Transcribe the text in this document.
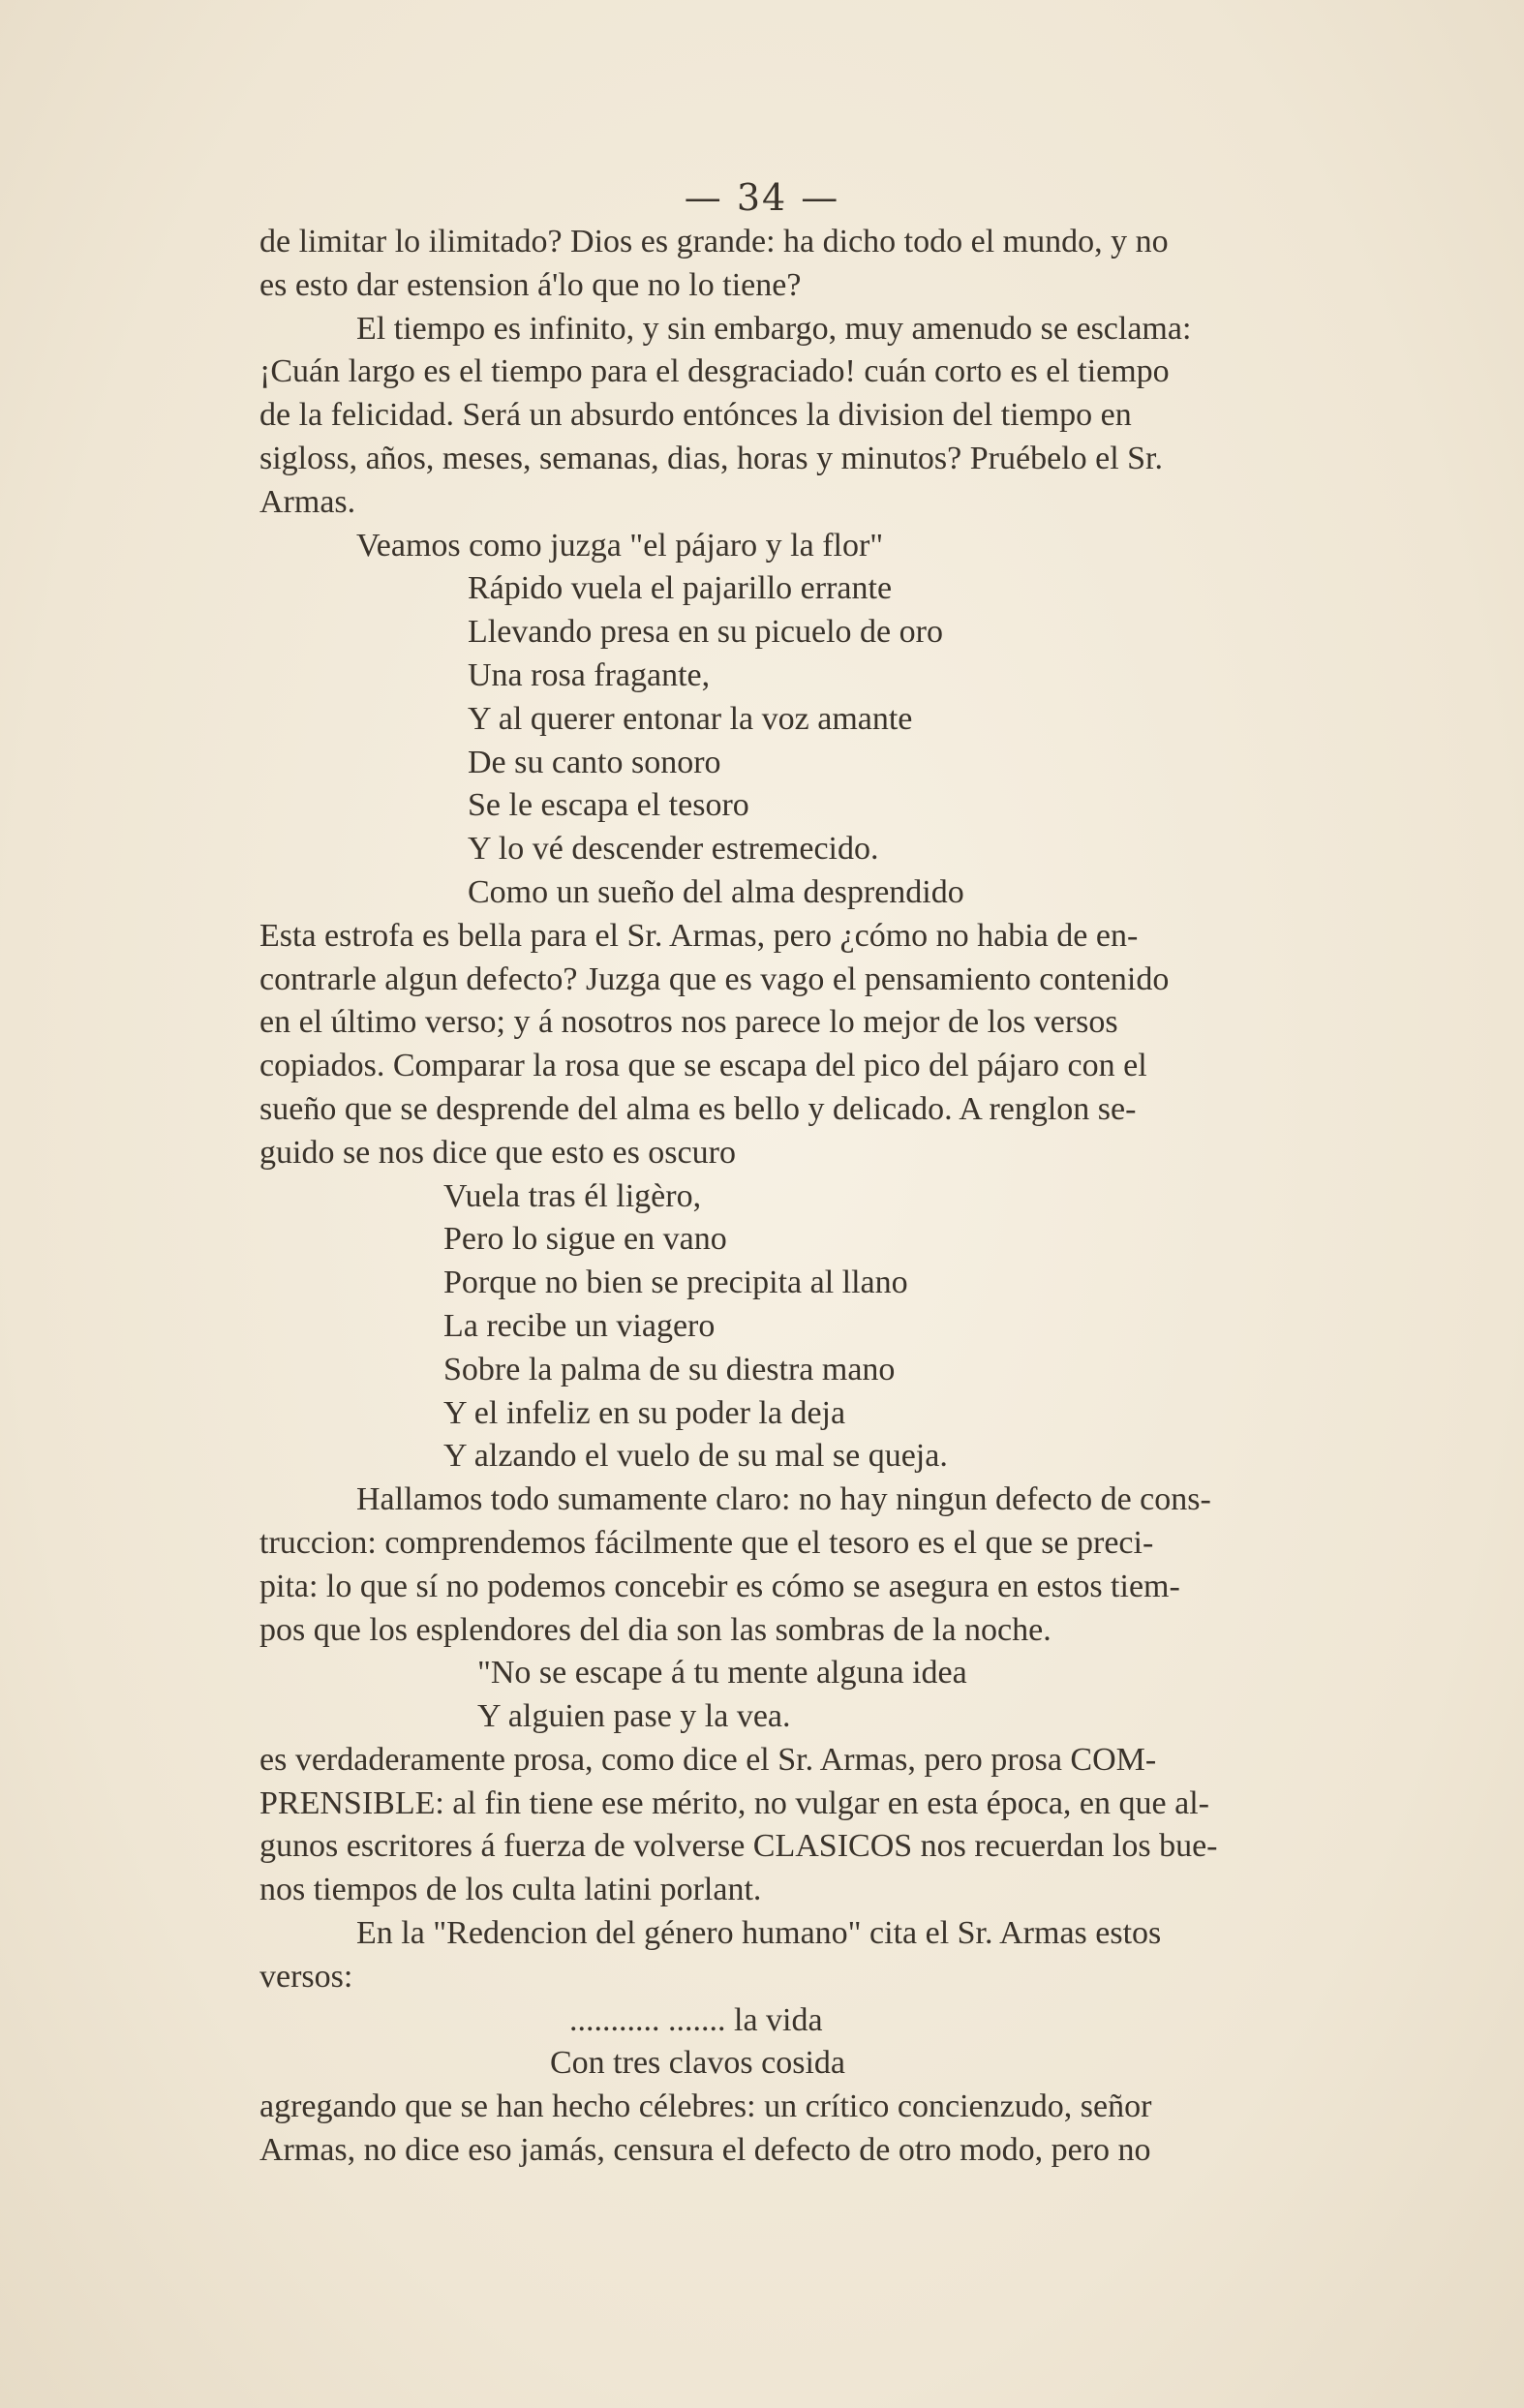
— 34 —
de limitar lo ilimitado? Dios es grande: ha dicho todo el mundo, y no
es esto dar estension á'lo que no lo tiene?
El tiempo es infinito, y sin embargo, muy amenudo se esclama:
¡Cuán largo es el tiempo para el desgraciado! cuán corto es el tiempo
de la felicidad. Será un absurdo entónces la division del tiempo en
sigloss, años, meses, semanas, dias, horas y minutos? Pruébelo el Sr.
Armas.
Veamos como juzga "el pájaro y la flor"
Rápido vuela el pajarillo errante
Llevando presa en su picuelo de oro
Una rosa fragante,
Y al querer entonar la voz amante
De su canto sonoro
Se le escapa el tesoro
Y lo vé descender estremecido.
Como un sueño del alma desprendido
Esta estrofa es bella para el Sr. Armas, pero ¿cómo no habia de en-
contrarle algun defecto? Juzga que es vago el pensamiento contenido
en el último verso; y á nosotros nos parece lo mejor de los versos
copiados. Comparar la rosa que se escapa del pico del pájaro con el
sueño que se desprende del alma es bello y delicado. A renglon se-
guido se nos dice que esto es oscuro
Vuela tras él ligèro,
Pero lo sigue en vano
Porque no bien se precipita al llano
La recibe un viagero
Sobre la palma de su diestra mano
Y el infeliz en su poder la deja
Y alzando el vuelo de su mal se queja.
Hallamos todo sumamente claro: no hay ningun defecto de cons-
truccion: comprendemos fácilmente que el tesoro es el que se preci-
pita: lo que sí no podemos concebir es cómo se asegura en estos tiem-
pos que los esplendores del dia son las sombras de la noche.
"No se escape á tu mente alguna idea
Y alguien pase y la vea.
es verdaderamente prosa, como dice el Sr. Armas, pero prosa COM-
PRENSIBLE: al fin tiene ese mérito, no vulgar en esta época, en que al-
gunos escritores á fuerza de volverse CLASICOS nos recuerdan los bue-
nos tiempos de los culta latini porlant.
En la "Redencion del género humano" cita el Sr. Armas estos
versos:
........... ....... la vida
Con tres clavos cosida
agregando que se han hecho célebres: un crítico concienzudo, señor
Armas, no dice eso jamás, censura el defecto de otro modo, pero no
